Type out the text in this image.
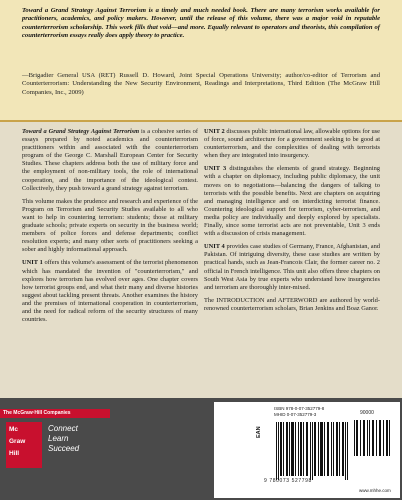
Toward a Grand Strategy Against Terrorism is a timely and much needed book. There are many terrorism works available for practitioners, academics, and policy makers. However, until the release of this volume, there was a major void in reputable counterterrorism scholarship. This work fills that void—and more. Equally relevant to operators and theorists, this compilation of counterterrorism essays really does apply theory to practice.

—Brigadier General USA (RET) Russell D. Howard, Joint Special Operations University; author/co-editor of Terrorism and Counterterrorism: Understanding the New Security Environment, Readings and Interpretations, Third Edition (The McGraw Hill Companies, Inc., 2009)

Toward a Grand Strategy Against Terrorism is a cohesive series of essays prepared by noted academics and counterterrorism practitioners within and associated with the counterterrorism program of the George C. Marshall European Center for Security Studies. These chapters address both the use of military force and the employment of non-military tools, the role of international cooperation, and the importance of the ideological contest. Collectively, they push toward a grand strategy against terrorism.

This volume makes the prudence and research and experience of the Program on Terrorism and Security Studies available to all who want to help in countering terrorism: students; those at military graduate schools; private experts on security in the business world; members of police forces and defense departments; conflict resolution experts; and many other sorts of practitioners seeking a sober and highly informational approach.

UNIT 1 offers this volume's assessment of the terrorist phenomenon which has mandated the invention of "counterterrorism," and explores how terrorism has evolved over ages. One chapter covers how terrorist groups end, and what their many and diverse histories suggest about tackling present threats. Another examines the history and the premises of international cooperation in counterterrorism, and the need for radical reform of the security structures of many countries.

UNIT 2 discusses public international law, allowable options for use of force, sound architecture for a government seeking to be good at counterterrorism, and the complexities of dealing with terrorists when they are integrated into insurgency.

UNIT 3 distinguishes the elements of grand strategy. Beginning with a chapter on diplomacy, including public diplomacy, the unit moves on to negotiations—balancing the dangers of talking to terrorists with the possible benefits. Next are chapters on acquiring and managing intelligence and on interdicting terrorist finance. Countering ideological support for terrorism, cyber-terrorism, and media policy are individually and deeply explored by specialists. Finally, since some terrorist acts are not preventable, Unit 3 ends with a discussion of crisis management.

UNIT 4 provides case studies of Germany, France, Afghanistan, and Pakistan. Of intriguing diversity, these case studies are written by practical hands, such as Jean-Francois Clair, the former career no. 2 official in French intelligence. This unit also offers three chapters on South West Asia by true experts who understand how insurgencies and terrorism are thoroughly inter-mixed.

The INTRODUCTION and AFTERWORD are authored by world-renowned counterterrorism scholars, Brian Jenkins and Boaz Ganor.

The McGraw·Hill Companies
Mc
Graw
Hill
Connect
Learn
Succeed
ISBN 978-0-07-352779-8
MHID 0-07-352779-3
EAN
90000
9 780073 527798
www.mhhe.com
